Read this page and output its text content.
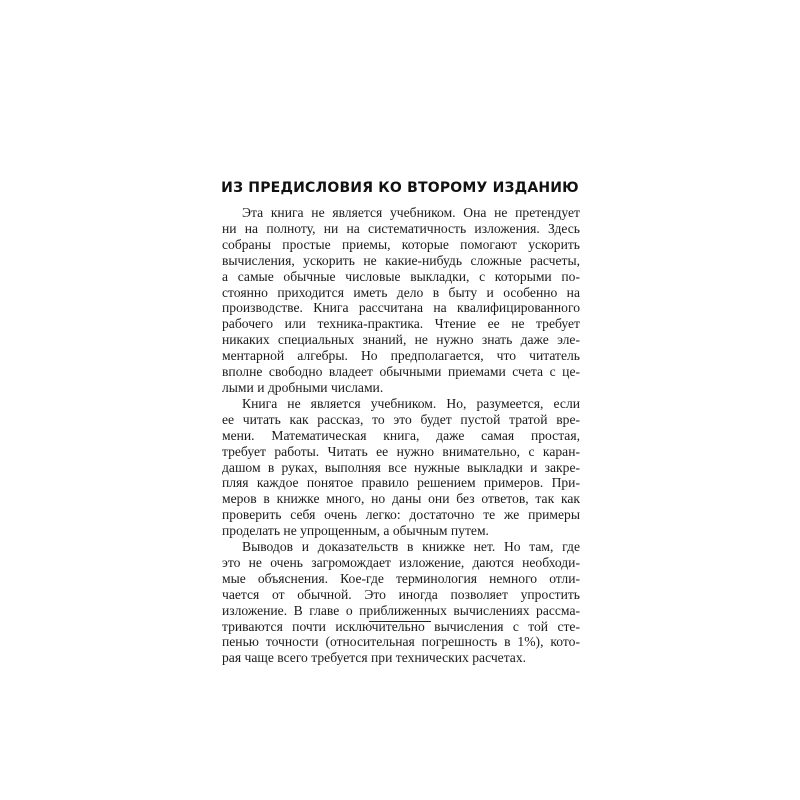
ИЗ ПРЕДИСЛОВИЯ КО ВТОРОМУ ИЗДАНИЮ

Эта книга не является учебником. Она не претендует
ни на полноту, ни на систематичность изложения. Здесь
собраны простые приемы, которые помогают ускорить
вычисления, ускорить не какие-нибудь сложные расчеты,
а самые обычные числовые выкладки, с которыми по-
стоянно приходится иметь дело в быту и особенно на
производстве. Книга рассчитана на квалифицированного
рабочего или техника-практика. Чтение ее не требует
никаких специальных знаний, не нужно знать даже эле-
ментарной алгебры. Но предполагается, что читатель
вполне свободно владеет обычными приемами счета с це-
лыми и дробными числами.

Книга не является учебником. Но, разумеется, если
ее читать как рассказ, то это будет пустой тратой вре-
мени. Математическая книга, даже самая простая,
требует работы. Читать ее нужно внимательно, с каран-
дашом в руках, выполняя все нужные выкладки и закре-
пляя каждое понятое правило решением примеров. При-
меров в книжке много, но даны они без ответов, так как
проверить себя очень легко: достаточно те же примеры
проделать не упрощенным, а обычным путем.

Выводов и доказательств в книжке нет. Но там, где
это не очень загромождает изложение, даются необходи-
мые объяснения. Кое-где терминология немного отли-
чается от обычной. Это иногда позволяет упростить
изложение. В главе о приближенных вычислениях рассма-
триваются почти исключительно вычисления с той сте-
пенью точности (относительная погрешность в 1%), кото-
рая чаще всего требуется при технических расчетах.
